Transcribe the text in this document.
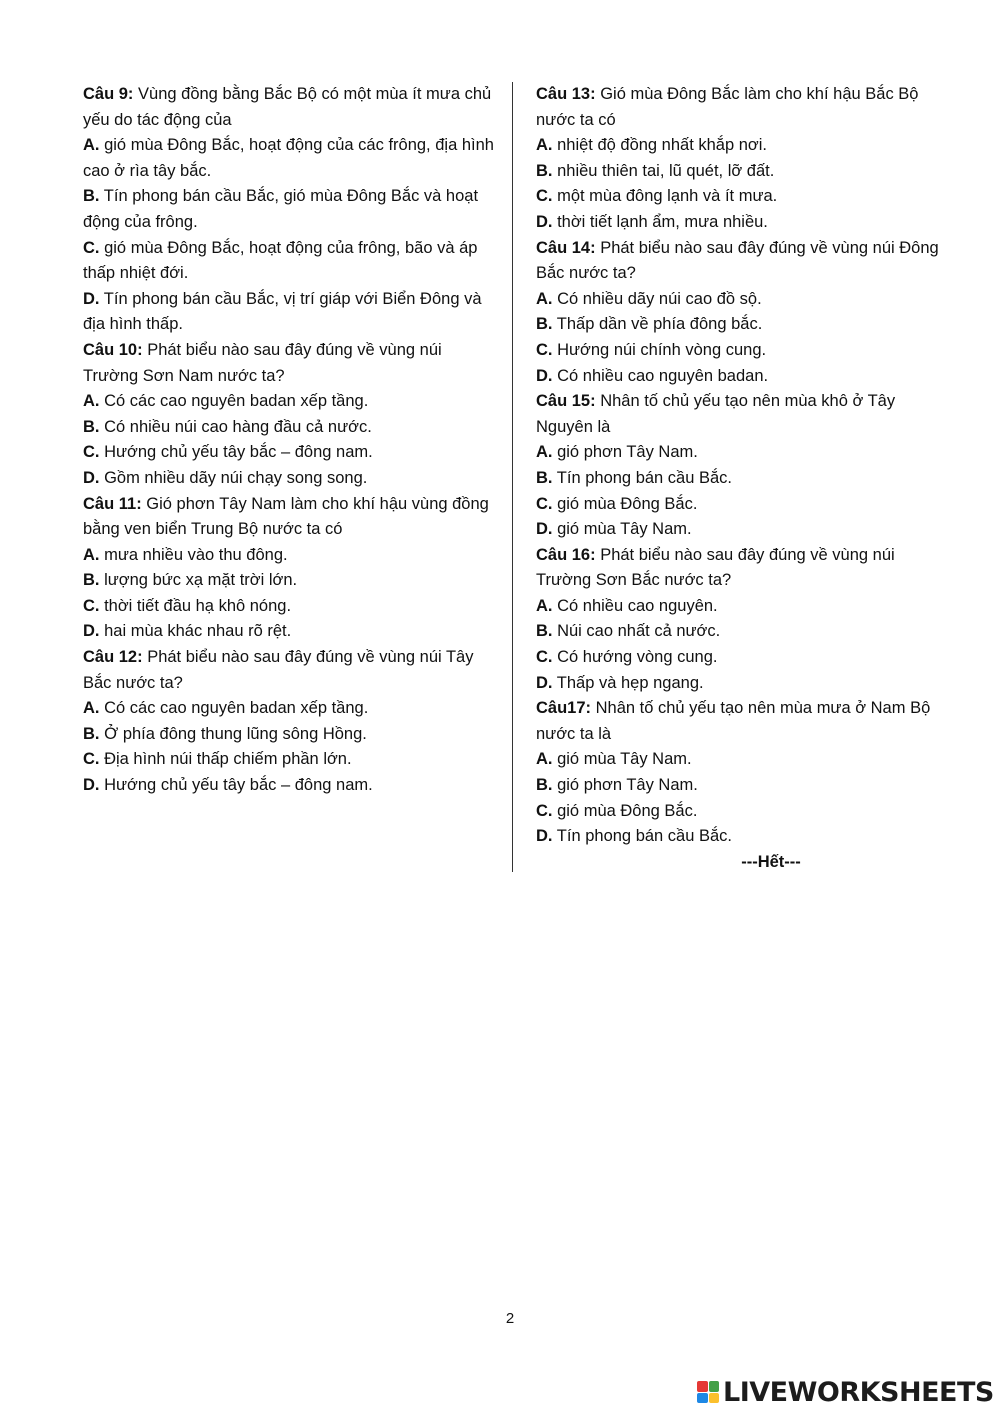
Câu 9: Vùng đồng bằng Bắc Bộ có một mùa ít mưa chủ yếu do tác động của

A. gió mùa Đông Bắc, hoạt động của các frông, địa hình cao ở rìa tây bắc.

B. Tín phong bán cầu Bắc, gió mùa Đông Bắc và hoạt động của frông.

C. gió mùa Đông Bắc, hoạt động của frông, bão và áp thấp nhiệt đới.

D. Tín phong bán cầu Bắc, vị trí giáp với Biển Đông và địa hình thấp.

Câu 10: Phát biểu nào sau đây đúng về vùng núi Trường Sơn Nam nước ta?

A. Có các cao nguyên badan xếp tầng.

B. Có nhiều núi cao hàng đầu cả nước.

C. Hướng chủ yếu tây bắc – đông nam.

D. Gồm nhiều dãy núi chạy song song.

Câu 11: Gió phơn Tây Nam làm cho khí hậu vùng đồng bằng ven biển Trung Bộ nước ta có

A. mưa nhiều vào thu đông.

B. lượng bức xạ mặt trời lớn.

C. thời tiết đầu hạ khô nóng.

D. hai mùa khác nhau rõ rệt.

Câu 12: Phát biểu nào sau đây đúng về vùng núi Tây Bắc nước ta?

A. Có các cao nguyên badan xếp tầng.

B. Ở phía đông thung lũng sông Hồng.

C. Địa hình núi thấp chiếm phần lớn.

D. Hướng chủ yếu tây bắc – đông nam.

Câu 13: Gió mùa Đông Bắc làm cho khí hậu Bắc Bộ nước ta có

A. nhiệt độ đồng nhất khắp nơi.

B. nhiều thiên tai, lũ quét, lỡ đất.

C. một mùa đông lạnh và ít mưa.

D. thời tiết lạnh ẩm, mưa nhiều.

Câu 14: Phát biểu nào sau đây đúng về vùng núi Đông Bắc nước ta?

A. Có nhiều dãy núi cao đồ sộ.

B. Thấp dần về phía đông bắc.

C. Hướng núi chính vòng cung.

D. Có nhiều cao nguyên badan.

Câu 15: Nhân tố chủ yếu tạo nên mùa khô ở Tây Nguyên là

A. gió phơn Tây Nam.

B. Tín phong bán cầu Bắc.

C. gió mùa Đông Bắc.

D. gió mùa Tây Nam.

Câu 16: Phát biểu nào sau đây đúng về vùng núi Trường Sơn Bắc nước ta?

A. Có nhiều cao nguyên.

B. Núi cao nhất cả nước.

C. Có hướng vòng cung.

D. Thấp và hẹp ngang.

Câu17: Nhân tố chủ yếu tạo nên mùa mưa ở Nam Bộ nước ta là

A. gió mùa Tây Nam.

B. gió phơn Tây Nam.

C. gió mùa Đông Bắc.

D. Tín phong bán cầu Bắc.

---Hết---

2
LIVEWORKSHEETS
